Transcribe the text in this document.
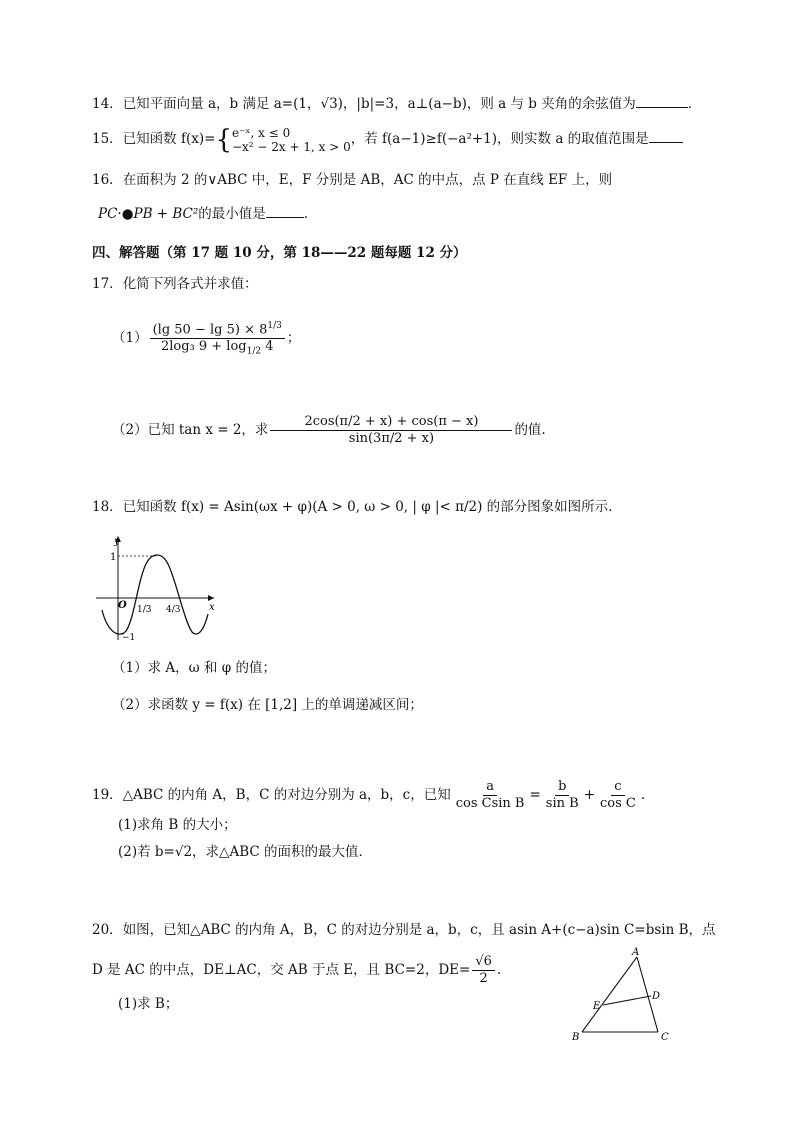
14．已知平面向量 a，b 满足 a=(1，√3)，|b|=3，a⊥(a−b)，则 a 与 b 夹角的余弦值为	．
15．已知函数 f(x)={ e⁻ˣ, x ≤ 0
−x² − 2x + 1, x > 0 ，若 f(a−1)≥f(−a²+1)，则实数 a 的取值范围是
16．在面积为 2 的∨ABC 中，E，F 分别是 AB，AC 的中点，点 P 在直线 EF 上，则
PC·●PB + BC²的最小值是	.
四、解答题（第 17 题 10 分，第 18——22 题每题 12 分）
17．化简下列各式并求值：
$(1) \frac{(\lg 50 - \lg 5) \times 8^{1/3}}{2\log_3 9 + \log_{1/2} 4}$ ；
（2）已知 tan x = 2，求 $\frac{2\cos(\pi/2 + x) + \cos(\pi - x)}{\sin(3\pi/2 + x)}$ 的值.
18．已知函数 f(x) = Asin(ωx + φ)(A > 0, ω > 0, | φ |< π/2) 的部分图象如图所示.
y
x
O
1
−1
1/3 4/3
（1）求 A，ω 和 φ 的值；
（2）求函数 y = f(x) 在 [1,2] 上的单调递减区间；
19．△ABC 的内角 A，B，C 的对边分别为 a，b，c，已知 $\frac{a}{\text{cos Csin B}} = \frac{b}{\text{sin B}} + \frac{c}{\text{cos C}}$ .
(1)求角 B 的大小；
(2)若 b=√2，求△ABC 的面积的最大值．
20．如图，已知△ABC 的内角 A，B，C 的对边分别是 a，b，c，且 asin A+(c−a)sin C=bsin B，点
D 是 AC 的中点，DE⊥AC，交 AB 于点 E，且 BC=2，$DE= \frac{√6}{2}$ .
(1)求 B；
A
B	C
D
E
